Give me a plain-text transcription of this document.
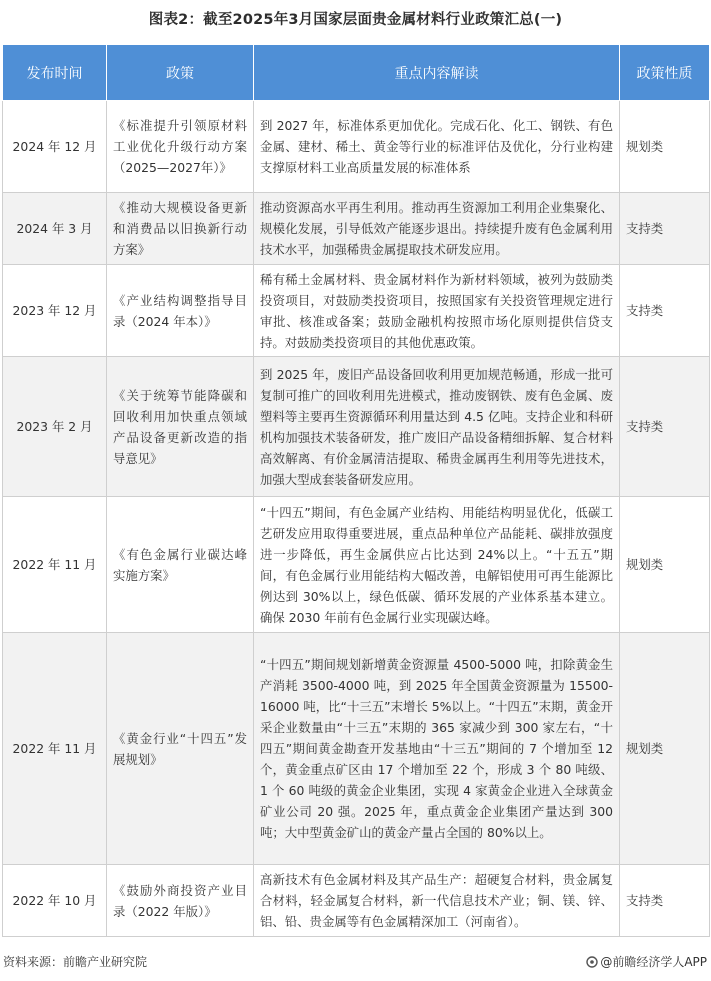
图表2：截至2025年3月国家层面贵金属材料行业政策汇总(一)
发布时间	政策	重点内容解读	政策性质
2024 年 12 月	《标准提升引领原材料工业优化升级行动方案（2025—2027年）》	到 2027 年，标准体系更加优化。完成石化、化工、钢铁、有色金属、建材、稀土、黄金等行业的标准评估及优化，分行业构建支撑原材料工业高质量发展的标准体系	规划类
2024 年 3 月	《推动大规模设备更新和消费品以旧换新行动方案》	推动资源高水平再生利用。推动再生资源加工利用企业集聚化、规模化发展，引导低效产能逐步退出。持续提升废有色金属利用技术水平，加强稀贵金属提取技术研发应用。	支持类
2023 年 12 月	《产业结构调整指导目录（2024 年本）》	稀有稀土金属材料、贵金属材料作为新材料领域，被列为鼓励类投资项目，对鼓励类投资项目，按照国家有关投资管理规定进行审批、核准或备案；鼓励金融机构按照市场化原则提供信贷支持。对鼓励类投资项目的其他优惠政策。	支持类
2023 年 2 月	《关于统筹节能降碳和回收利用加快重点领域产品设备更新改造的指导意见》	到 2025 年，废旧产品设备回收利用更加规范畅通，形成一批可复制可推广的回收利用先进模式，推动废钢铁、废有色金属、废塑料等主要再生资源循环利用量达到 4.5 亿吨。支持企业和科研机构加强技术装备研发，推广废旧产品设备精细拆解、复合材料高效解离、有价金属清洁提取、稀贵金属再生利用等先进技术，加强大型成套装备研发应用。	支持类
2022 年 11 月	《有色金属行业碳达峰实施方案》	“十四五”期间，有色金属产业结构、用能结构明显优化，低碳工艺研发应用取得重要进展，重点品种单位产品能耗、碳排放强度进一步降低，再生金属供应占比达到 24%以上。“十五五”期间，有色金属行业用能结构大幅改善，电解铝使用可再生能源比例达到 30%以上，绿色低碳、循环发展的产业体系基本建立。确保 2030 年前有色金属行业实现碳达峰。	规划类
2022 年 11 月	《黄金行业“十四五”发展规划》	“十四五”期间规划新增黄金资源量 4500-5000 吨，扣除黄金生产消耗 3500-4000 吨，到 2025 年全国黄金资源量为 15500-16000 吨，比“十三五”末增长 5%以上。“十四五”末期，黄金开采企业数量由“十三五”末期的 365 家减少到 300 家左右，“十四五”期间黄金勘查开发基地由“十三五”期间的 7 个增加至 12 个，黄金重点矿区由 17 个增加至 22 个，形成 3 个 80 吨级、1 个 60 吨级的黄金企业集团，实现 4 家黄金企业进入全球黄金矿业公司 20 强。2025 年，重点黄金企业集团产量达到 300 吨；大中型黄金矿山的黄金产量占全国的 80%以上。	规划类
2022 年 10 月	《鼓励外商投资产业目录（2022 年版）》	高新技术有色金属材料及其产品生产：超硬复合材料，贵金属复合材料，轻金属复合材料，新一代信息技术产业；铜、镁、锌、铝、铅、贵金属等有色金属精深加工（河南省）。	支持类
资料来源：前瞻产业研究院	@前瞻经济学人APP
